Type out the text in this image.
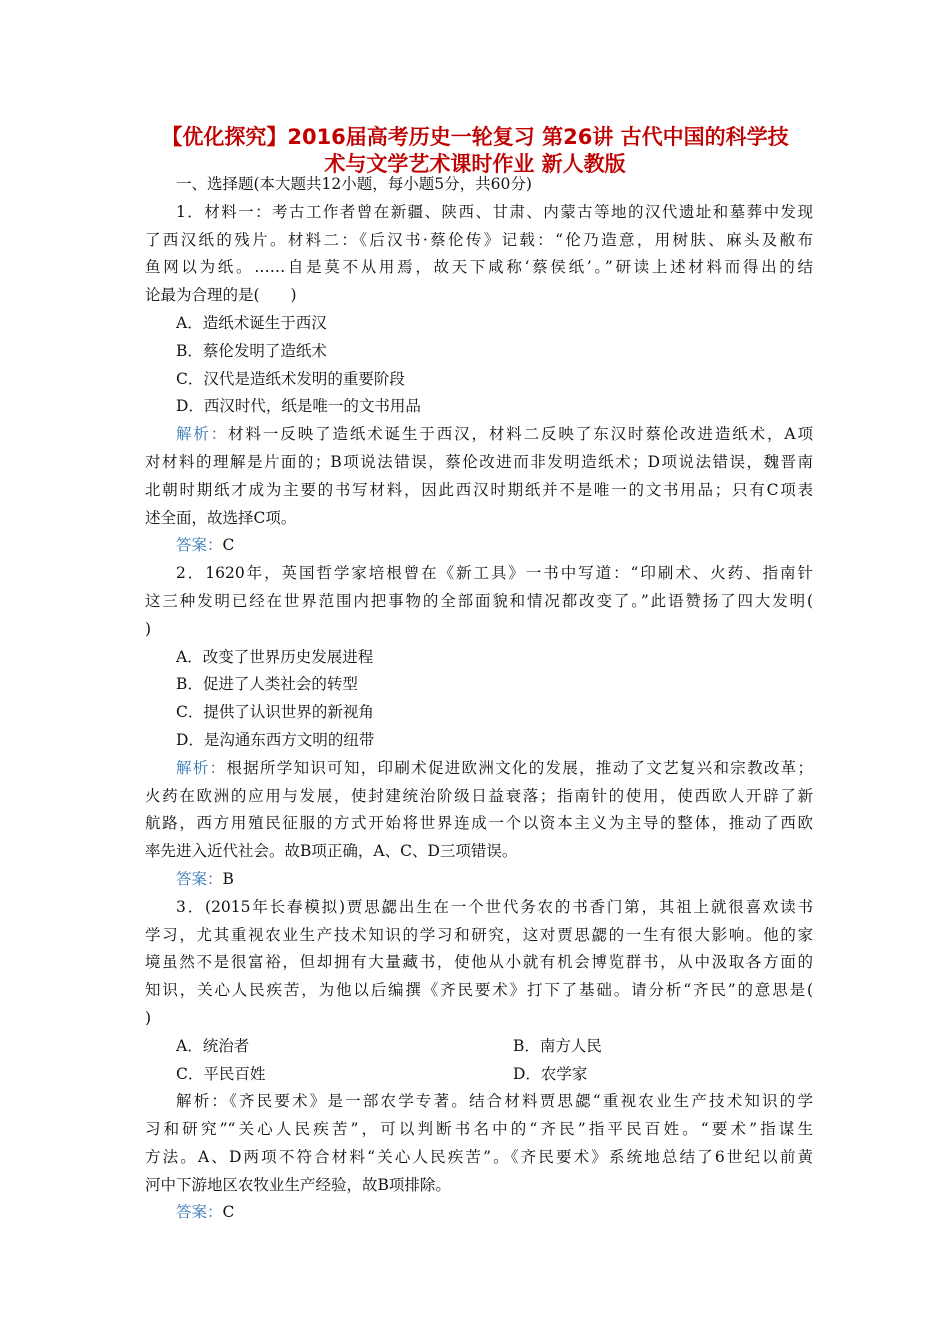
【优化探究】2016届高考历史一轮复习 第26讲 古代中国的科学技
术与文学艺术课时作业 新人教版
一、选择题(本大题共12小题，每小题5分，共60分)
1．材料一：考古工作者曾在新疆、陕西、甘肃、内蒙古等地的汉代遗址和墓葬中发现
了西汉纸的残片。材料二：《后汉书·蔡伦传》记载：“伦乃造意，用树肤、麻头及敝布
鱼网以为纸。……自是莫不从用焉，故天下咸称‘蔡侯纸’。”研读上述材料而得出的结
论最为合理的是(　　)
A．造纸术诞生于西汉
B．蔡伦发明了造纸术
C．汉代是造纸术发明的重要阶段
D．西汉时代，纸是唯一的文书用品
解析：材料一反映了造纸术诞生于西汉，材料二反映了东汉时蔡伦改进造纸术，A项
对材料的理解是片面的；B项说法错误，蔡伦改进而非发明造纸术；D项说法错误，魏晋南
北朝时期纸才成为主要的书写材料，因此西汉时期纸并不是唯一的文书用品；只有C项表
述全面，故选择C项。
答案：C
2．1620年，英国哲学家培根曾在《新工具》一书中写道：“印刷术、火药、指南针
这三种发明已经在世界范围内把事物的全部面貌和情况都改变了。”此语赞扬了四大发明(
)
A．改变了世界历史发展进程
B．促进了人类社会的转型
C．提供了认识世界的新视角
D．是沟通东西方文明的纽带
解析：根据所学知识可知，印刷术促进欧洲文化的发展，推动了文艺复兴和宗教改革；
火药在欧洲的应用与发展，使封建统治阶级日益衰落；指南针的使用，使西欧人开辟了新
航路，西方用殖民征服的方式开始将世界连成一个以资本主义为主导的整体，推动了西欧
率先进入近代社会。故B项正确，A、C、D三项错误。
答案：B
3．(2015年长春模拟)贾思勰出生在一个世代务农的书香门第，其祖上就很喜欢读书
学习，尤其重视农业生产技术知识的学习和研究，这对贾思勰的一生有很大影响。他的家
境虽然不是很富裕，但却拥有大量藏书，使他从小就有机会博览群书，从中汲取各方面的
知识，关心人民疾苦，为他以后编撰《齐民要术》打下了基础。请分析“齐民”的意思是(
)
A．统治者	B．南方人民
C．平民百姓	D．农学家
解析：《齐民要术》是一部农学专著。结合材料贾思勰“重视农业生产技术知识的学
习和研究”“关心人民疾苦”，可以判断书名中的“齐民”指平民百姓。“要术”指谋生
方法。A、D两项不符合材料“关心人民疾苦”。《齐民要术》系统地总结了6世纪以前黄
河中下游地区农牧业生产经验，故B项排除。
答案：C
